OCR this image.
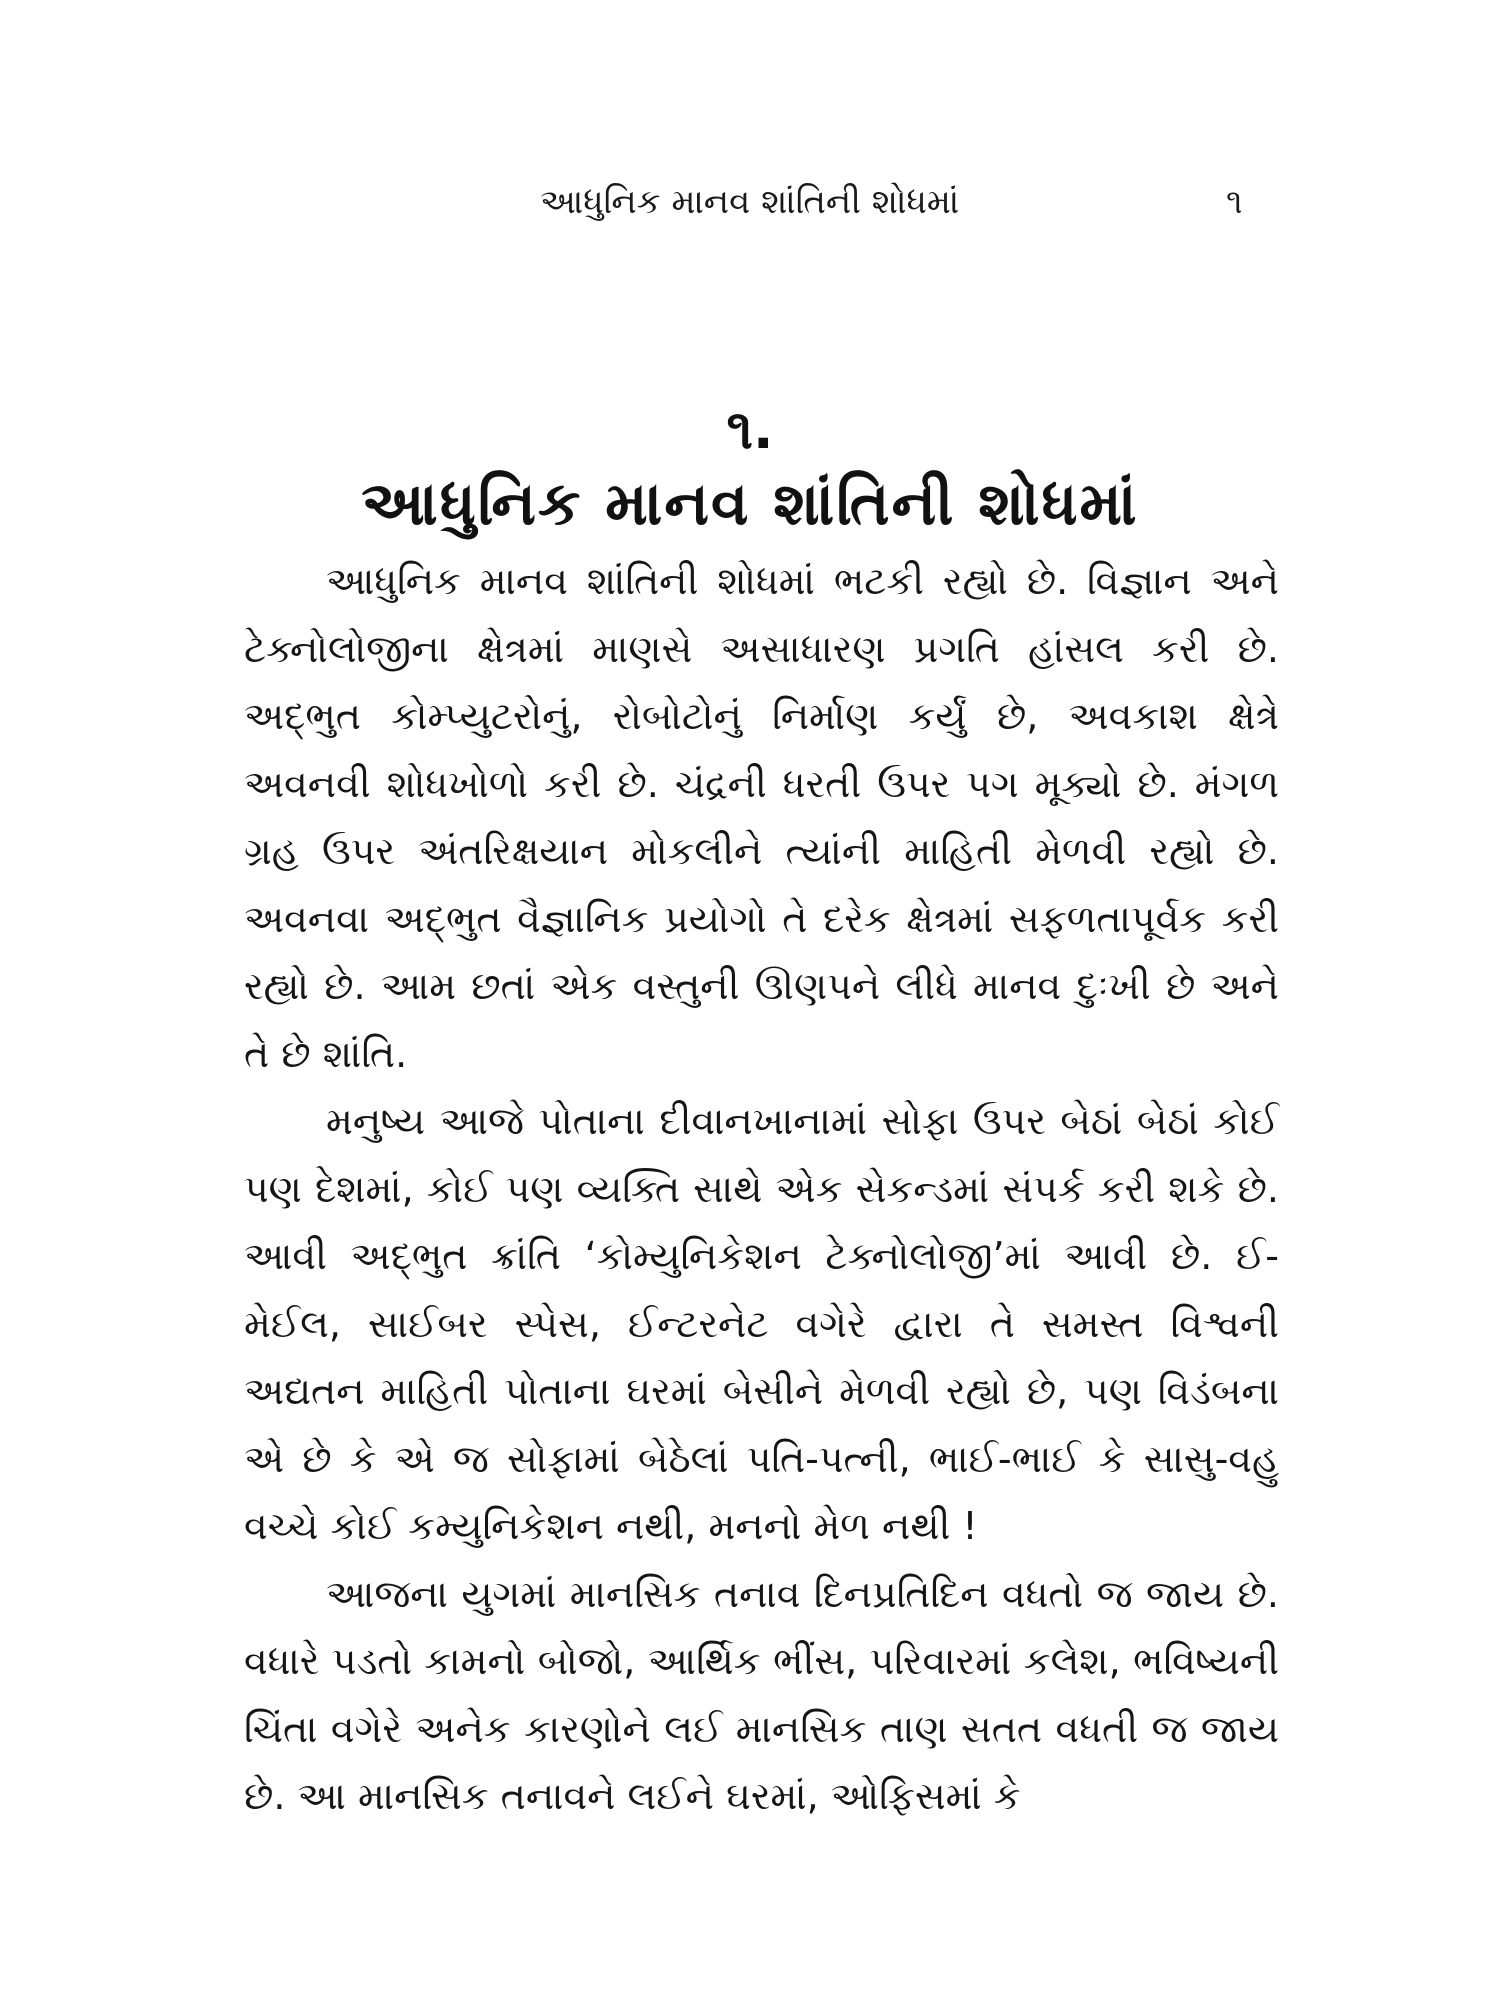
આધુનિક માનવ શાંતિની શોધમાં	૧
૧.
આધુનિક માનવ શાંતિની શોધમાં

આધુનિક માનવ શાંતિની શોધમાં ભટકી રહ્યો છે. વિજ્ઞાન અને ટેક્નોલોજીના ક્ષેત્રમાં માણસે અસાધારણ પ્રગતિ હાંસલ કરી છે. અદ્‌ભુત કોમ્પ્યુટરોનું, રોબોટોનું નિર્માણ કર્યું છે, અવકાશ ક્ષેત્રે અવનવી શોધખોળો કરી છે. ચંદ્રની ધરતી ઉપર પગ મૂક્યો છે. મંગળ ગ્રહ ઉપર અંતરિક્ષયાન મોકલીને ત્યાંની માહિતી મેળવી રહ્યો છે. અવનવા અદ્‌ભુત વૈજ્ઞાનિક પ્રયોગો તે દરેક ક્ષેત્રમાં સફળતાપૂર્વક કરી રહ્યો છે. આમ છતાં એક વસ્તુની ઊણપને લીધે માનવ દુઃખી છે અને તે છે શાંતિ.

મનુષ્ય આજે પોતાના દીવાનખાનામાં સોફા ઉપર બેઠાં બેઠાં કોઈ પણ દેશમાં, કોઈ પણ વ્યક્તિ સાથે એક સેકન્ડમાં સંપર્ક કરી શકે છે. આવી અદ્‌ભુત ક્રાંતિ ‘કોમ્યુનિકેશન ટેક્નોલોજી’માં આવી છે. ઈ-મેઈલ, સાઈબર સ્પેસ, ઈન્ટરનેટ વગેરે દ્વારા તે સમસ્ત વિશ્વની અદ્યતન માહિતી પોતાના ઘરમાં બેસીને મેળવી રહ્યો છે, પણ વિડંબના એ છે કે એ જ સોફામાં બેઠેલાં પતિ-પત્ની, ભાઈ-ભાઈ કે સાસુ-વહુ વચ્ચે કોઈ કમ્યુનિકેશન નથી, મનનો મેળ નથી !

આજના યુગમાં માનસિક તનાવ દિનપ્રતિદિન વધતો જ જાય છે. વધારે પડતો કામનો બોજો, આર્થિક ભીંસ, પરિવારમાં કલેશ, ભવિષ્યની ચિંતા વગેરે અનેક કારણોને લઈ માનસિક તાણ સતત વધતી જ જાય છે. આ માનસિક તનાવને લઈને ઘરમાં, ઓફિસમાં કે
